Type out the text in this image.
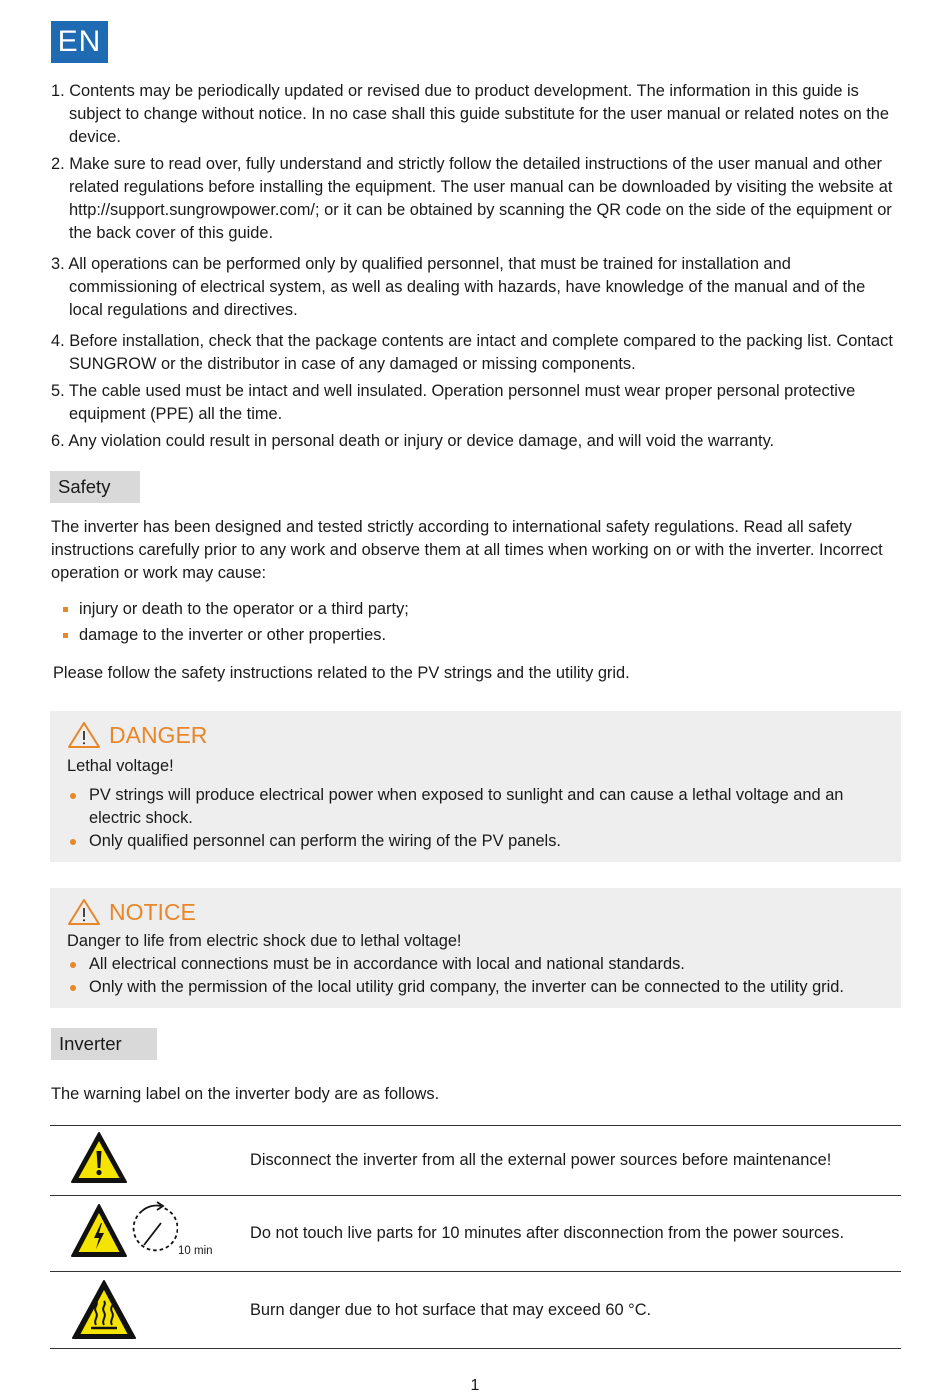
EN
1. Contents may be periodically updated or revised due to product development. The information in this guide is subject to change without notice. In no case shall this guide substitute for the user manual or related notes on the device.
2. Make sure to read over, fully understand and strictly follow the detailed instructions of the user manual and other related regulations before installing the equipment. The user manual can be downloaded by visiting the website at http://support.sungrowpower.com/; or it can be obtained by scanning the QR code on the side of the equipment or the back cover of this guide.
3. All operations can be performed only by qualified personnel, that must be trained for installation and commissioning of electrical system, as well as dealing with hazards, have knowledge of the manual and of the local regulations and directives.
4. Before installation, check that the package contents are intact and complete compared to the packing list. Contact SUNGROW or the distributor in case of any damaged or missing components.
5. The cable used must be intact and well insulated. Operation personnel must wear proper personal protective equipment (PPE) all the time.
6. Any violation could result in personal death or injury or device damage, and will void the warranty.
Safety

The inverter has been designed and tested strictly according to international safety regulations. Read all safety instructions carefully prior to any work and observe them at all times when working on or with the inverter. Incorrect operation or work may cause:

injury or death to the operator or a third party;
damage to the inverter or other properties.

Please follow the safety instructions related to the PV strings and the utility grid.

DANGER
Lethal voltage!
PV strings will produce electrical power when exposed to sunlight and can cause a lethal voltage and an electric shock.
Only qualified personnel can perform the wiring of the PV panels.
NOTICE
Danger to life from electric shock due to lethal voltage!
All electrical connections must be in accordance with local and national standards.
Only with the permission of the local utility grid company, the inverter can be connected to the utility grid.
Inverter

The warning label on the inverter body are as follows.

Disconnect the inverter from all the external power sources before maintenance!
10 min
Do not touch live parts for 10 minutes after disconnection from the power sources.
Burn danger due to hot surface that may exceed 60 °C.
1
